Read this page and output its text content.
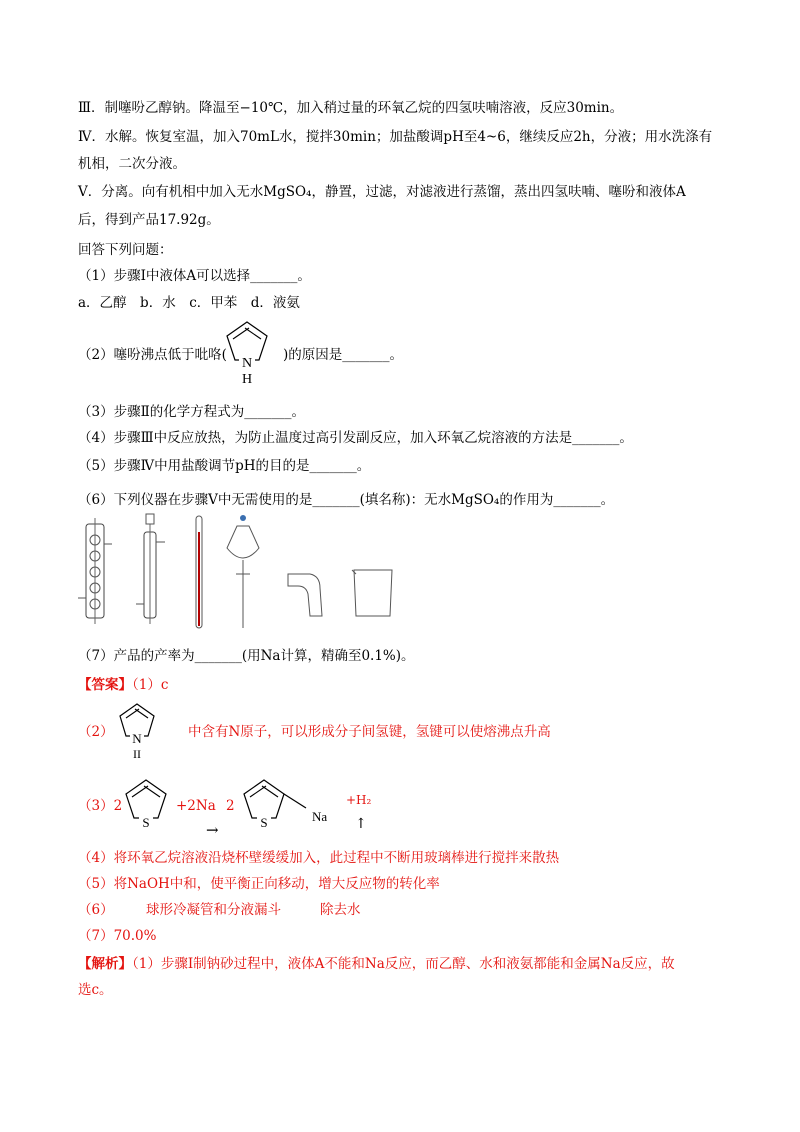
Ⅲ．制噻吩乙醇钠。降温至−10℃，加入稍过量的环氧乙烷的四氢呋喃溶液，反应30min。
Ⅳ．水解。恢复室温，加入70mL水，搅拌30min；加盐酸调pH至4~6，继续反应2h，分液；用水洗涤有
机相，二次分液。
Ⅴ．分离。向有机相中加入无水MgSO₄，静置，过滤，对滤液进行蒸馏，蒸出四氢呋喃、噻吩和液体A
后，得到产品17.92g。
回答下列问题：
（1）步骤Ⅰ中液体A可以选择_______。
a．乙醇　b．水　c．甲苯　d．液氨
（2）噻吩沸点低于吡咯(
N
H
)的原因是_______。
（3）步骤Ⅱ的化学方程式为_______。
（4）步骤Ⅲ中反应放热，为防止温度过高引发副反应，加入环氧乙烷溶液的方法是_______。
（5）步骤Ⅳ中用盐酸调节pH的目的是_______。
（6）下列仪器在步骤Ⅴ中无需使用的是_______(填名称)：无水MgSO₄的作用为_______。
（7）产品的产率为_______(用Na计算，精确至0.1%)。
【答案】（1）c
（2） N
II
中含有N原子，可以形成分子间氢键，氢键可以使熔沸点升高
（3）2
S
+2Na
→
2
S	Na
+H₂
↑
（4）将环氧乙烷溶液沿烧杯壁缓缓加入，此过程中不断用玻璃棒进行搅拌来散热
（5）将NaOH中和，使平衡正向移动，增大反应物的转化率
（6） 球形冷凝管和分液漏斗	除去水
（7）70.0%
【解析】（1）步骤Ⅰ制钠砂过程中，液体A不能和Na反应，而乙醇、水和液氨都能和金属Na反应，故
选c。
